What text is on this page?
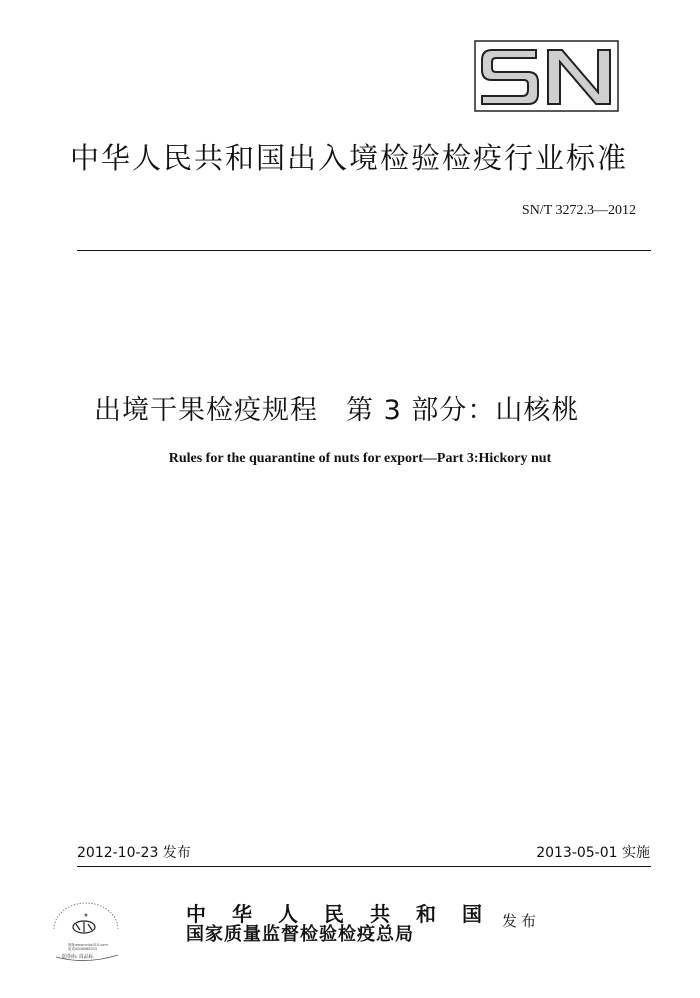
中华人民共和国出入境检验检疫行业标准
SN/T 3272.3—2012
出境干果检疫规程　第 3 部分：山核桃
Rules for the quarantine of nuts for export—Part 3:Hickory nut
2012-10-23 发布	2013-05-01 实施
中 华 人 民 共 和 国
国家质量监督检验检疫总局
发布
★
网址www.cnbz315.com
电话4006088315
防伪标 真品标
